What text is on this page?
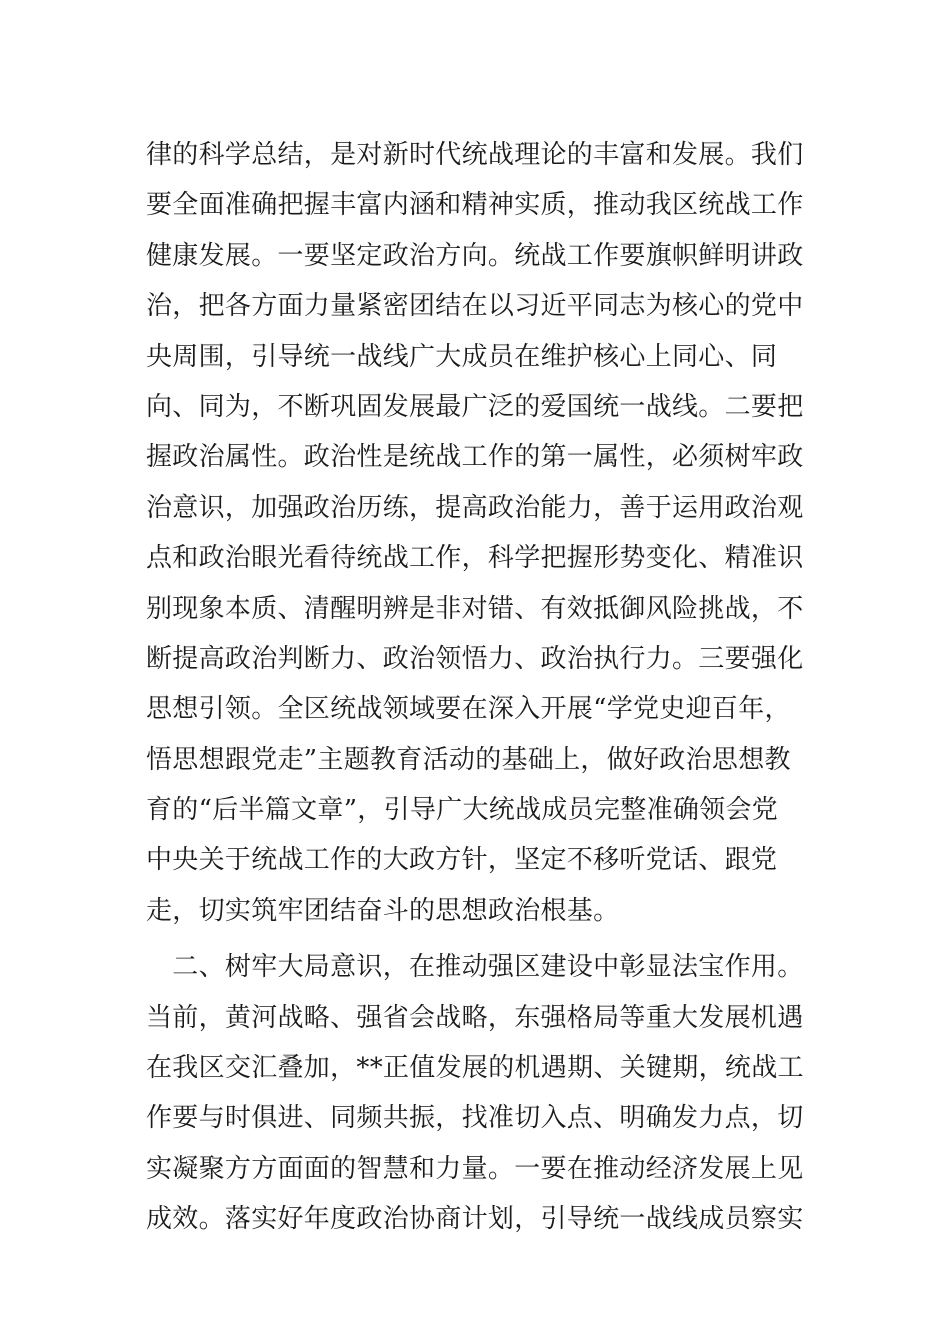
律的科学总结，是对新时代统战理论的丰富和发展。我们
要全面准确把握丰富内涵和精神实质，推动我区统战工作
健康发展。一要坚定政治方向。统战工作要旗帜鲜明讲政
治，把各方面力量紧密团结在以习近平同志为核心的党中
央周围，引导统一战线广大成员在维护核心上同心、同
向、同为，不断巩固发展最广泛的爱国统一战线。二要把
握政治属性。政治性是统战工作的第一属性，必须树牢政
治意识，加强政治历练，提高政治能力，善于运用政治观
点和政治眼光看待统战工作，科学把握形势变化、精准识
别现象本质、清醒明辨是非对错、有效抵御风险挑战，不
断提高政治判断力、政治领悟力、政治执行力。三要强化
思想引领。全区统战领域要在深入开展“学党史迎百年，
悟思想跟党走”主题教育活动的基础上，做好政治思想教
育的“后半篇文章”，引导广大统战成员完整准确领会党
中央关于统战工作的大政方针，坚定不移听党话、跟党
走，切实筑牢团结奋斗的思想政治根基。
　二、树牢大局意识，在推动强区建设中彰显法宝作用。
当前，黄河战略、强省会战略，东强格局等重大发展机遇
在我区交汇叠加，**正值发展的机遇期、关键期，统战工
作要与时俱进、同频共振，找准切入点、明确发力点，切
实凝聚方方面面的智慧和力量。一要在推动经济发展上见
成效。落实好年度政治协商计划，引导统一战线成员察实
